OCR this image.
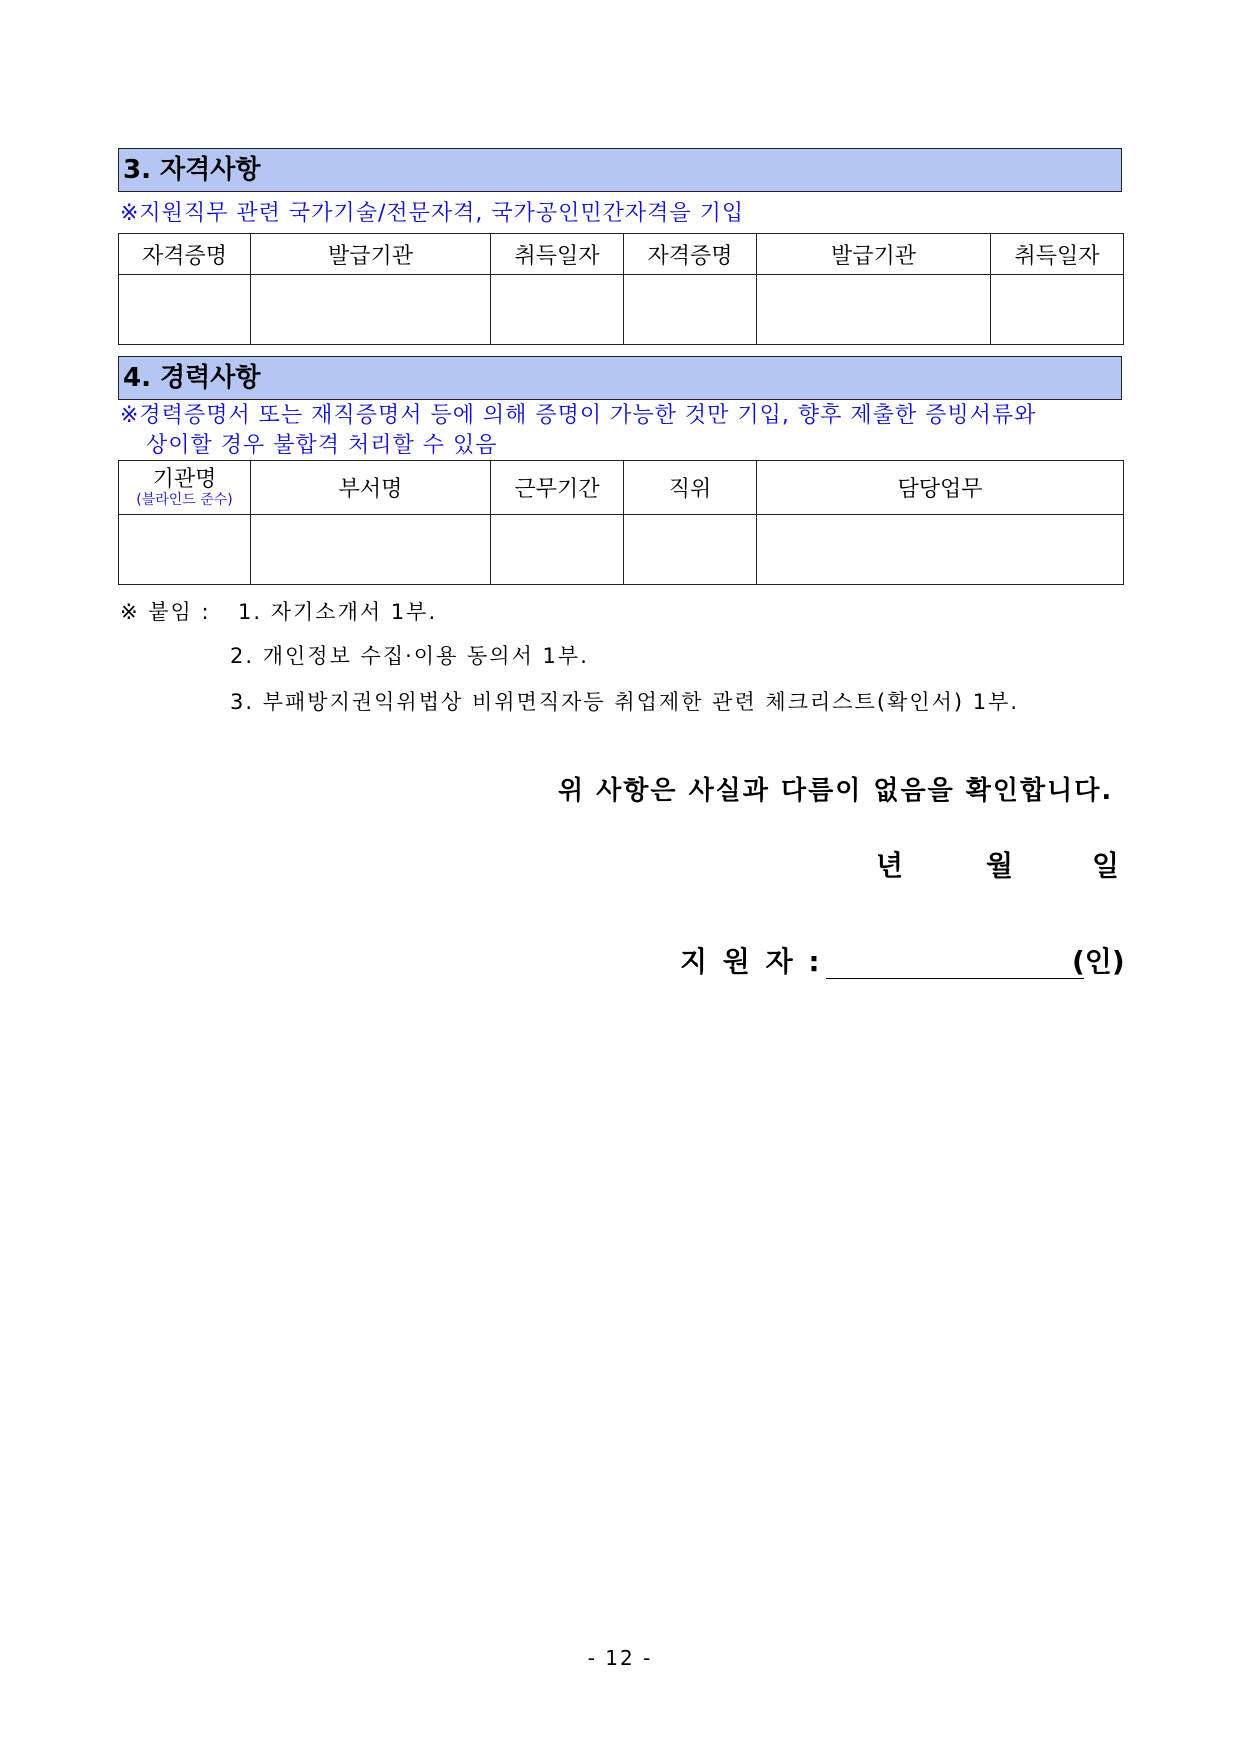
3. 자격사항
※지원직무 관련 국가기술/전문자격, 국가공인민간자격을 기입
자격증명	발급기관	취득일자	자격증명	발급기관	취득일자

4. 경력사항
※경력증명서 또는 재직증명서 등에 의해 증명이 가능한 것만 기입, 향후 제출한 증빙서류와
상이할 경우 불합격 처리할 수 있음
기관명
(블라인드 준수)	부서명	근무기간	직위	담당업무

※ 붙임 : 1. 자기소개서 1부.
2. 개인정보 수집·이용 동의서 1부.
3. 부패방지권익위법상 비위면직자등 취업제한 관련 체크리스트(확인서) 1부.
위 사항은 사실과 다름이 없음을 확인합니다.
년	월	일
지 원 자 :	(인)
- 12 -
